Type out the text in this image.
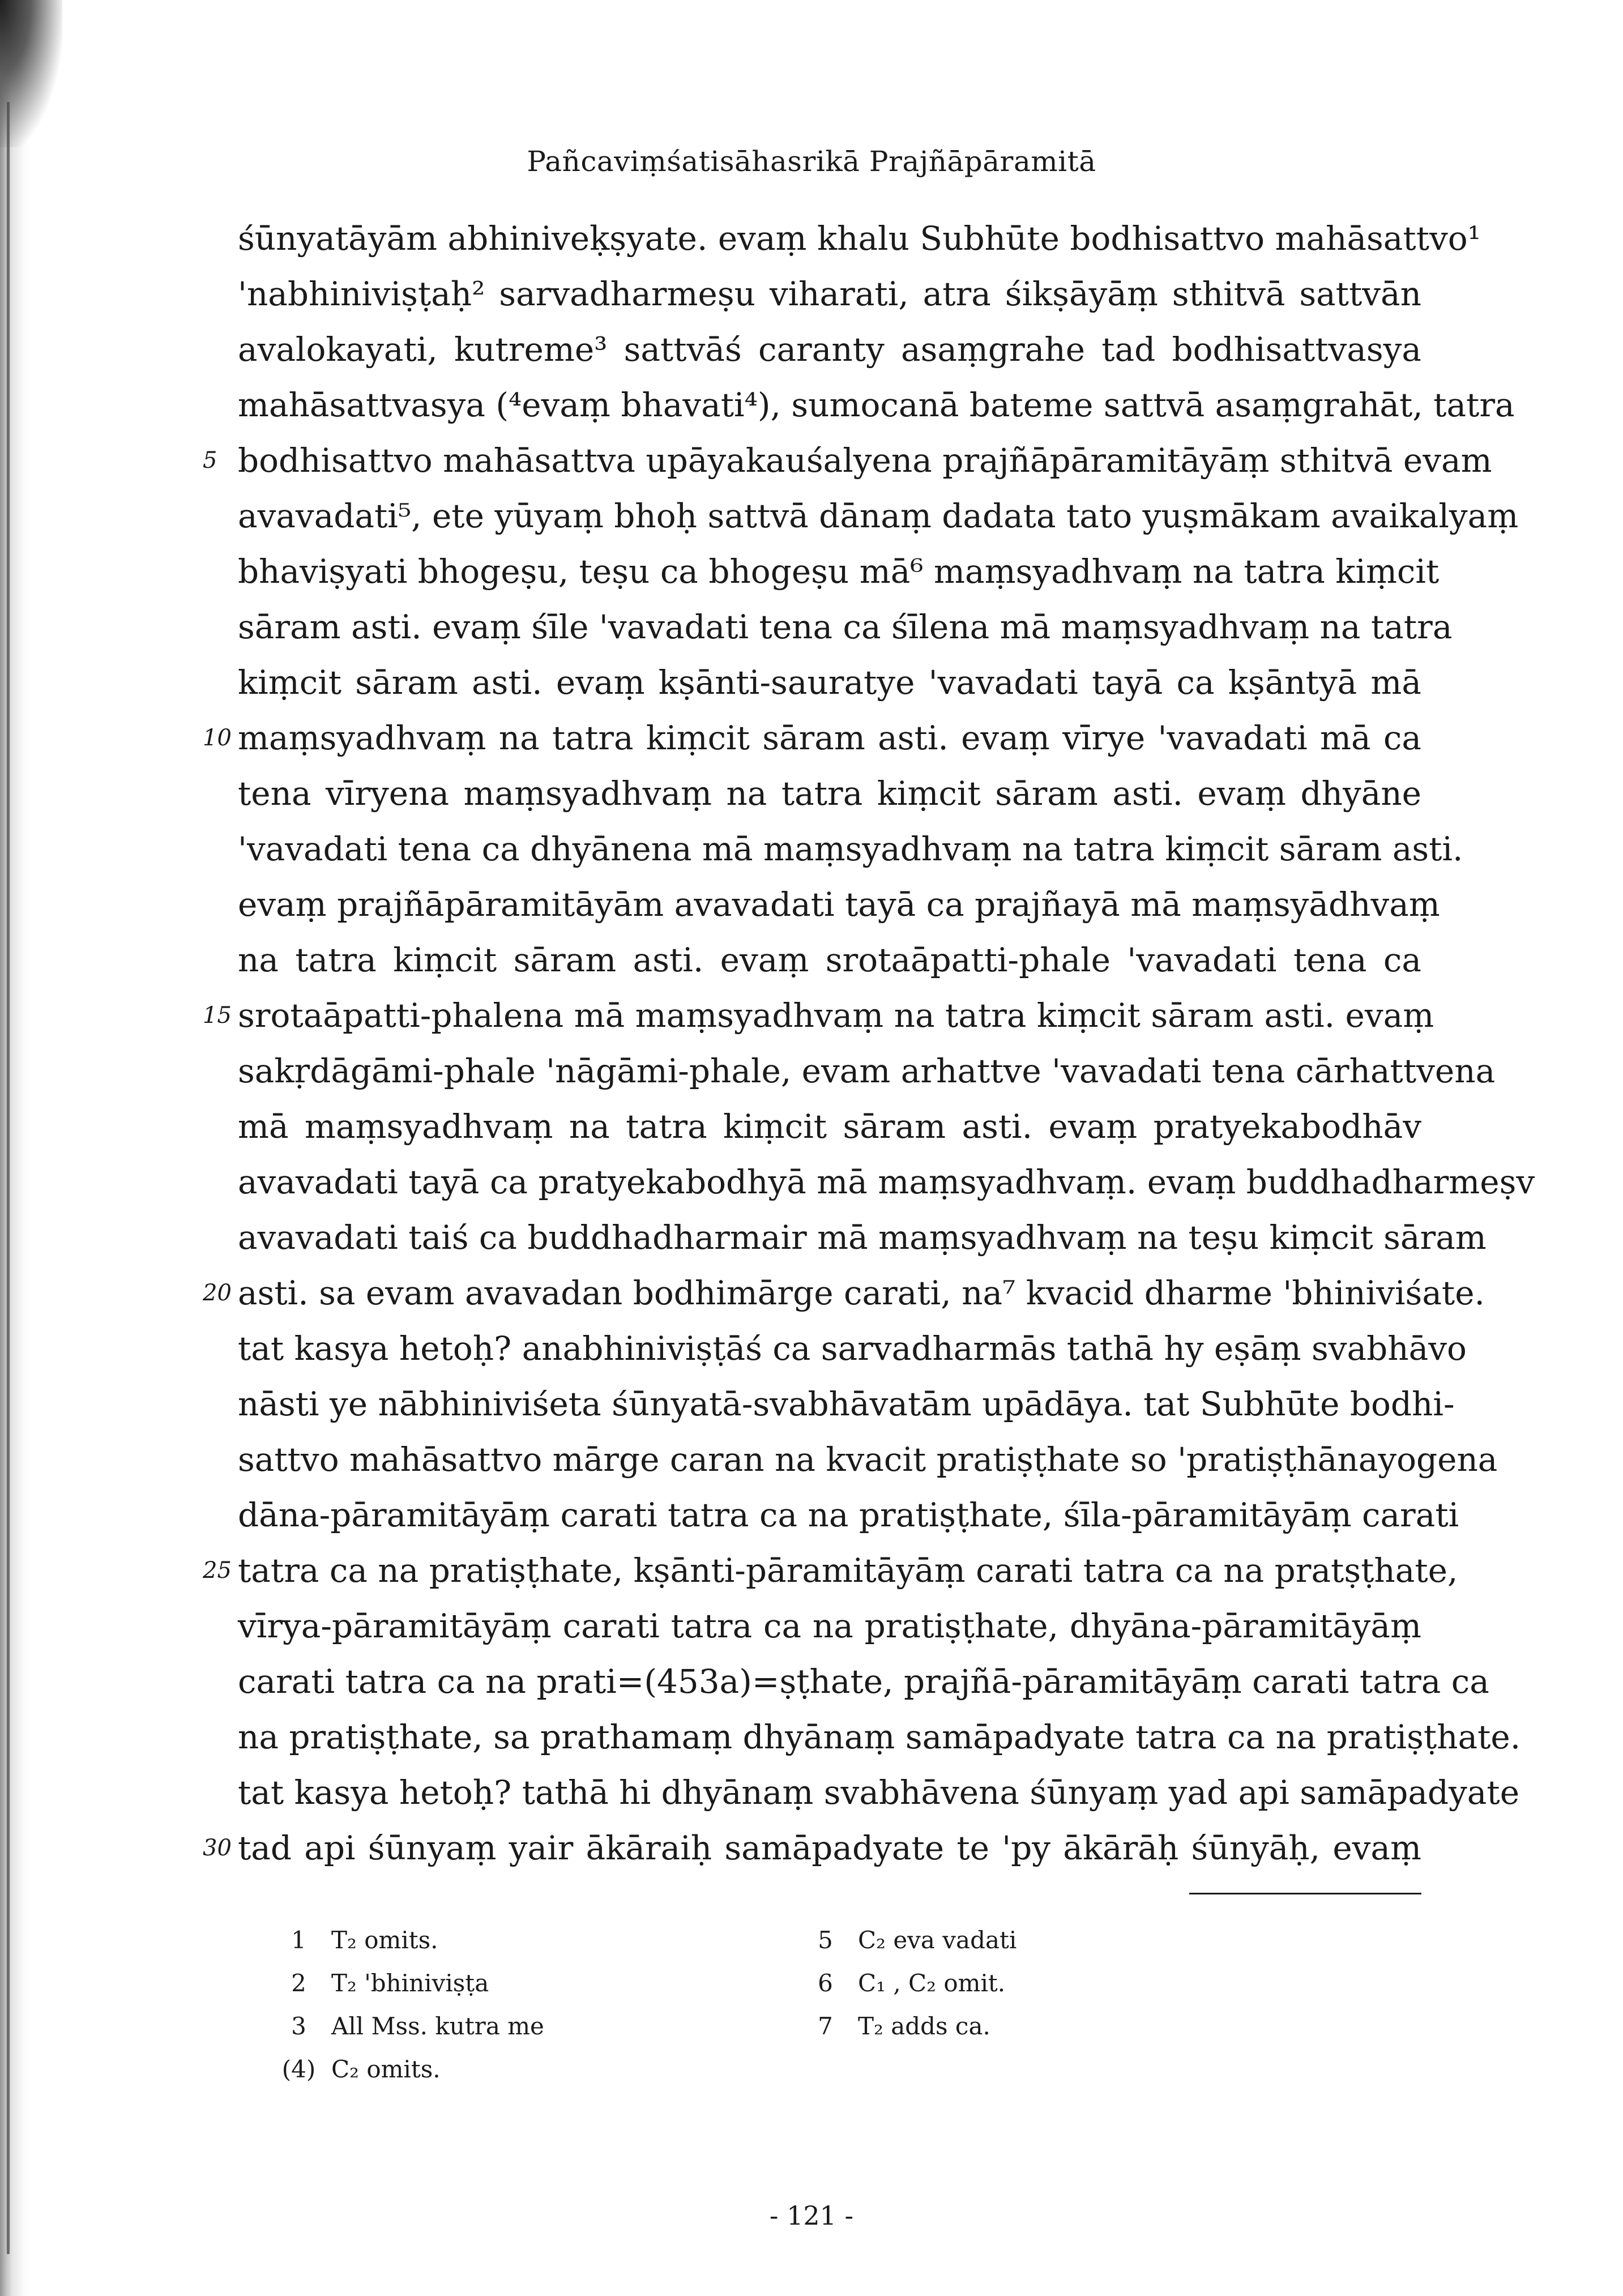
Pañcaviṃśatisāhasrikā Prajñāpāramitā
śūnyatāyām abhiniveḳṣyate. evaṃ khalu Subhūte bodhisattvo mahāsattvo¹
'nabhiniviṣṭaḥ² sarvadharmeṣu viharati, atra śikṣāyāṃ sthitvā sattvān
avalokayati, kutreme³ sattvāś caranty asaṃgrahe tad bodhisattvasya
mahāsattvasya (⁴evaṃ bhavati⁴), sumocanā bateme sattvā asaṃgrahāt, tatra
5 bodhisattvo mahāsattva upāyakauśalyena prajñāpāramitāyāṃ sthitvā evam
avavadati⁵, ete yūyaṃ bhoḥ sattvā dānaṃ dadata tato yuṣmākam avaikalyaṃ
bhaviṣyati bhogeṣu, teṣu ca bhogeṣu mā⁶ maṃsyadhvaṃ na tatra kiṃcit
sāram asti. evaṃ śīle 'vavadati tena ca śīlena mā maṃsyadhvaṃ na tatra
kiṃcit sāram asti. evaṃ kṣānti-sauratye 'vavadati tayā ca kṣāntyā mā
10 maṃsyadhvaṃ na tatra kiṃcit sāram asti. evaṃ vīrye 'vavadati mā ca
tena vīryena maṃsyadhvaṃ na tatra kiṃcit sāram asti. evaṃ dhyāne
'vavadati tena ca dhyānena mā maṃsyadhvaṃ na tatra kiṃcit sāram asti.
evaṃ prajñāpāramitāyām avavadati tayā ca prajñayā mā maṃsyādhvaṃ
na tatra kiṃcit sāram asti. evaṃ srotaāpatti-phale 'vavadati tena ca
15 srotaāpatti-phalena mā maṃsyadhvaṃ na tatra kiṃcit sāram asti. evaṃ
sakṛdāgāmi-phale 'nāgāmi-phale, evam arhattve 'vavadati tena cārhattvena
mā maṃsyadhvaṃ na tatra kiṃcit sāram asti. evaṃ pratyekabodhāv
avavadati tayā ca pratyekabodhyā mā maṃsyadhvaṃ. evaṃ buddhadharmeṣv
avavadati taiś ca buddhadharmair mā maṃsyadhvaṃ na teṣu kiṃcit sāram
20 asti. sa evam avavadan bodhimārge carati, na⁷ kvacid dharme 'bhiniviśate.
tat kasya hetoḥ? anabhiniviṣṭāś ca sarvadharmās tathā hy eṣāṃ svabhāvo
nāsti ye nābhiniviśeta śūnyatā-svabhāvatām upādāya. tat Subhūte bodhi-
sattvo mahāsattvo mārge caran na kvacit pratiṣṭhate so 'pratiṣṭhānayogena
dāna-pāramitāyāṃ carati tatra ca na pratiṣṭhate, śīla-pāramitāyāṃ carati
25 tatra ca na pratiṣṭhate, kṣānti-pāramitāyāṃ carati tatra ca na pratṣṭhate,
vīrya-pāramitāyāṃ carati tatra ca na pratiṣṭhate, dhyāna-pāramitāyāṃ
carati tatra ca na prati=(453a)=ṣṭhate, prajñā-pāramitāyāṃ carati tatra ca
na pratiṣṭhate, sa prathamaṃ dhyānaṃ samāpadyate tatra ca na pratiṣṭhate.
tat kasya hetoḥ? tathā hi dhyānaṃ svabhāvena śūnyaṃ yad api samāpadyate
30 tad api śūnyaṃ yair ākāraiḥ samāpadyate te 'py ākārāḥ śūnyāḥ, evaṃ
1 T₂ omits.
2 T₂ 'bhiniviṣṭa
3 All Mss. kutra me
(4) C₂ omits.
5 C₂ eva vadati
6 C₁ , C₂ omit.
7 T₂ adds ca.
- 121 -
